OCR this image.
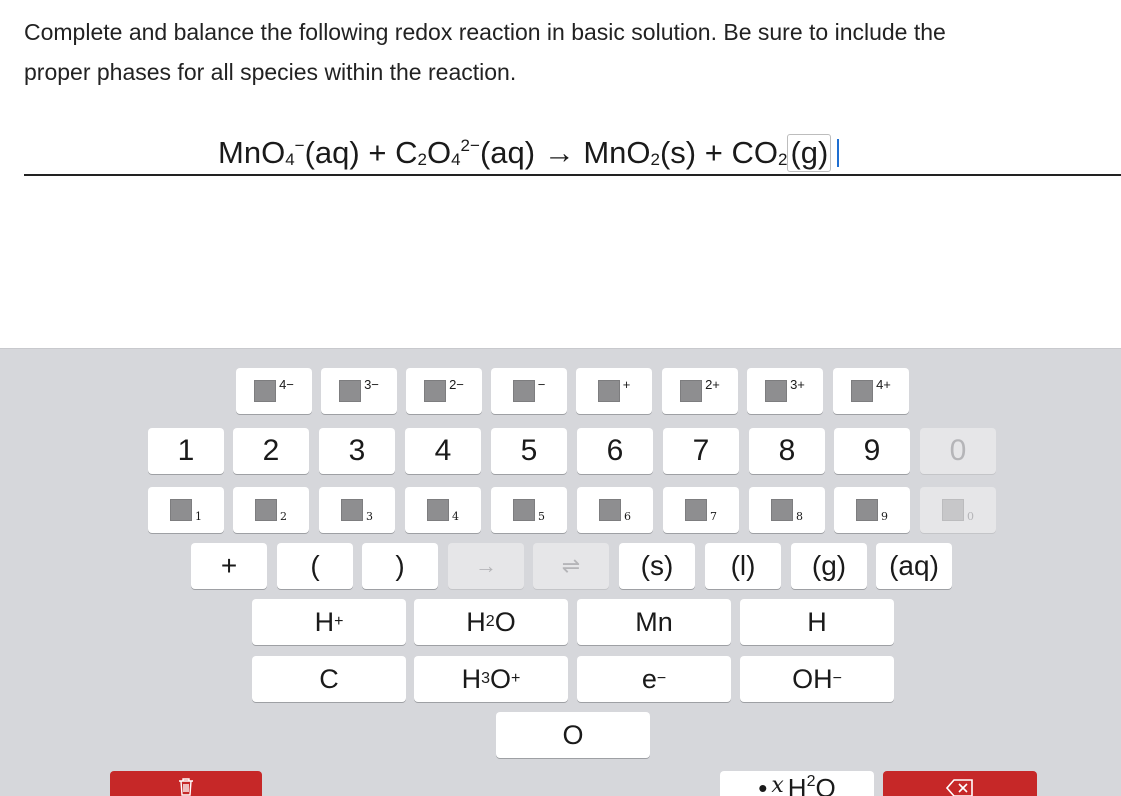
Complete and balance the following redox reaction in basic solution. Be sure to include the
proper phases for all species within the reaction.
$MnO_4^-(aq) + C_2O_4^{2-}(aq) \to MnO_2(s) + CO_2(g)$
4−	3−	2−	−	+	2+	3+	4+
1	2	3	4	5	6	7	8	9	0
1	2	3	4	5	6	7	8	9	0
+	(	)	→	⇌	(s)	(l)	(g)	(aq)
H +	H 2 O	Mn	H
C	H 3 O +	e −	OH −
O
• x $H^2$ O
